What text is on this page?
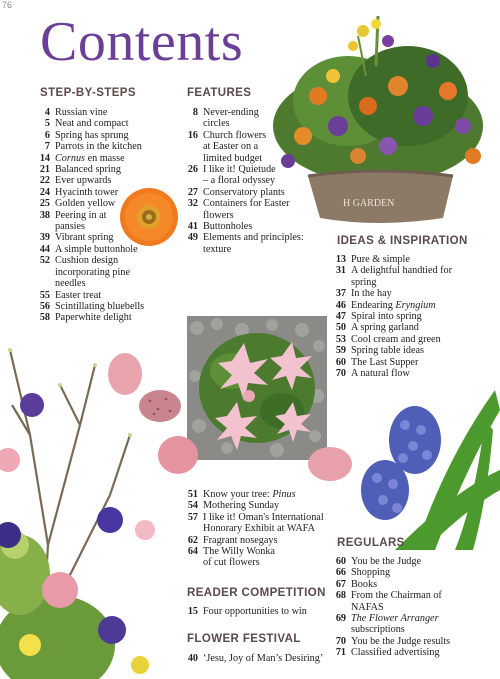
76
Contents
H GARDEN
STEP-BY-STEPS
4 Russian vine
5 Neat and compact
6 Spring has sprung
7 Parrots in the kitchen
14 Cornus en masse
21 Balanced spring
22 Ever upwards
24 Hyacinth tower
25 Golden yellow
38 Peering in at pansies
39 Vibrant spring
44 A simple buttonhole
52 Cushion design incorporating pine needles
55 Easter treat
56 Scintillating bluebells
58 Paperwhite delight
FEATURES
8 Never-ending circles
16 Church flowers at Easter on a limited budget
26 I like it! Quietude – a floral odyssey
27 Conservatory plants
32 Containers for Easter flowers
41 Buttonholes
49 Elements and principles: texture
51 Know your tree: Pinus
54 Mothering Sunday
57 I like it! Oman's International Honorary Exhibit at WAFA
62 Fragrant nosegays
64 The Willy Wonka of cut flowers
IDEAS & INSPIRATION
13 Pure & simple
31 A delightful handtied for spring
37 In the hay
46 Endearing Eryngium
47 Spiral into spring
50 A spring garland
53 Cool cream and green
59 Spring table ideas
60 The Last Supper
70 A natural flow
READER COMPETITION
15 Four opportunities to win
FLOWER FESTIVAL
40 ‘Jesu, Joy of Man’s Desiring’
REGULARS
60 You be the Judge
66 Shopping
67 Books
68 From the Chairman of NAFAS
69 The Flower Arranger subscriptions
70 You be the Judge results
71 Classified advertising
